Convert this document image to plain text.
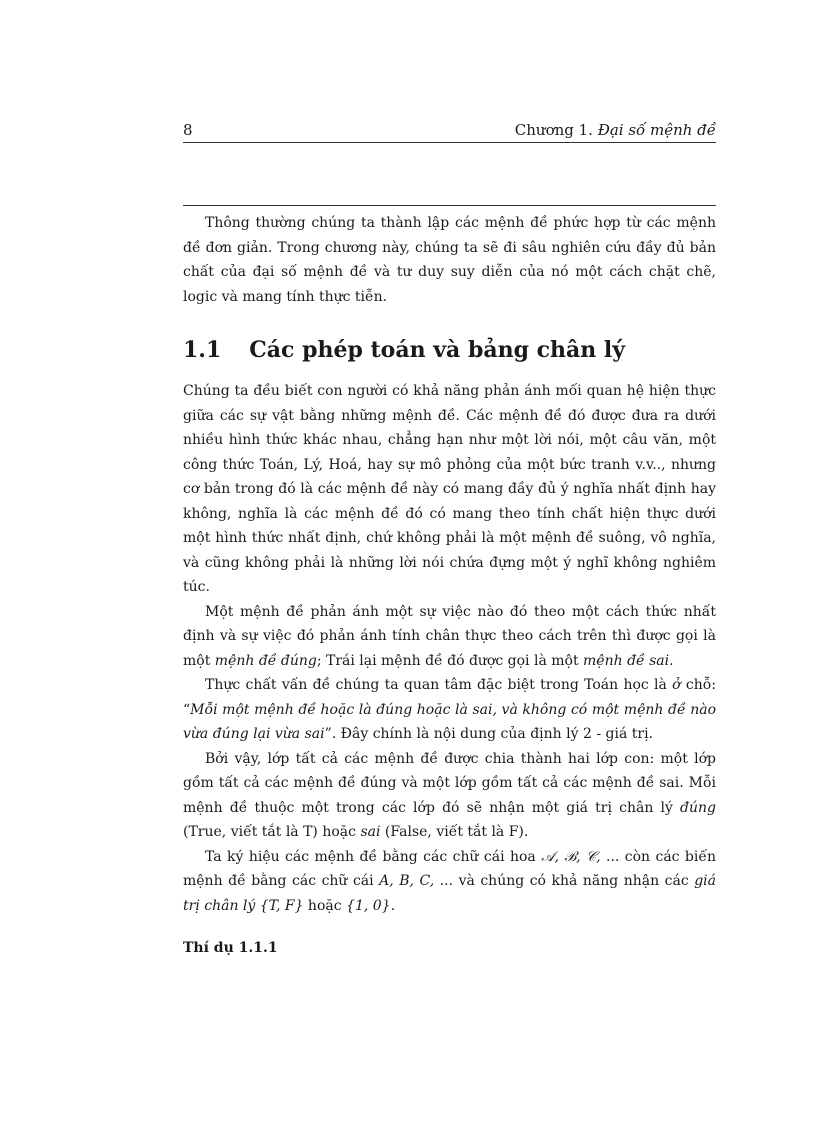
8	Chương 1. Đại số mệnh đề

Thông thường chúng ta thành lập các mệnh đề phức hợp từ các mệnh đề đơn giản. Trong chương này, chúng ta sẽ đi sâu nghiên cứu đầy đủ bản chất của đại số mệnh đề và tư duy suy diễn của nó một cách chặt chẽ, logic và mang tính thực tiễn.

1.1 Các phép toán và bảng chân lý

Chúng ta đều biết con người có khả năng phản ánh mối quan hệ hiện thực giữa các sự vật bằng những mệnh đề. Các mệnh đề đó được đưa ra dưới nhiều hình thức khác nhau, chẳng hạn như một lời nói, một câu văn, một công thức Toán, Lý, Hoá, hay sự mô phỏng của một bức tranh v.v.., nhưng cơ bản trong đó là các mệnh đề này có mang đầy đủ ý nghĩa nhất định hay không, nghĩa là các mệnh đề đó có mang theo tính chất hiện thực dưới một hình thức nhất định, chứ không phải là một mệnh đề suông, vô nghĩa, và cũng không phải là những lời nói chứa đựng một ý nghĩ không nghiêm túc.

Một mệnh đề phản ánh một sự việc nào đó theo một cách thức nhất định và sự việc đó phản ánh tính chân thực theo cách trên thì được gọi là một mệnh đề đúng; Trái lại mệnh đề đó được gọi là một mệnh đề sai.

Thực chất vấn đề chúng ta quan tâm đặc biệt trong Toán học là ở chỗ: “Mỗi một mệnh đề hoặc là đúng hoặc là sai, và không có một mệnh đề nào vừa đúng lại vừa sai”. Đây chính là nội dung của định lý 2 - giá trị.

Bởi vậy, lớp tất cả các mệnh đề được chia thành hai lớp con: một lớp gồm tất cả các mệnh đề đúng và một lớp gồm tất cả các mệnh đề sai. Mỗi mệnh đề thuộc một trong các lớp đó sẽ nhận một giá trị chân lý đúng (True, viết tắt là T) hoặc sai (False, viết tắt là F).

Ta ký hiệu các mệnh đề bằng các chữ cái hoa 𝒜, ℬ, 𝒞, ... còn các biến mệnh đề bằng các chữ cái A, B, C, ... và chúng có khả năng nhận các giá trị chân lý {T, F} hoặc {1, 0}.

Thí dụ 1.1.1
